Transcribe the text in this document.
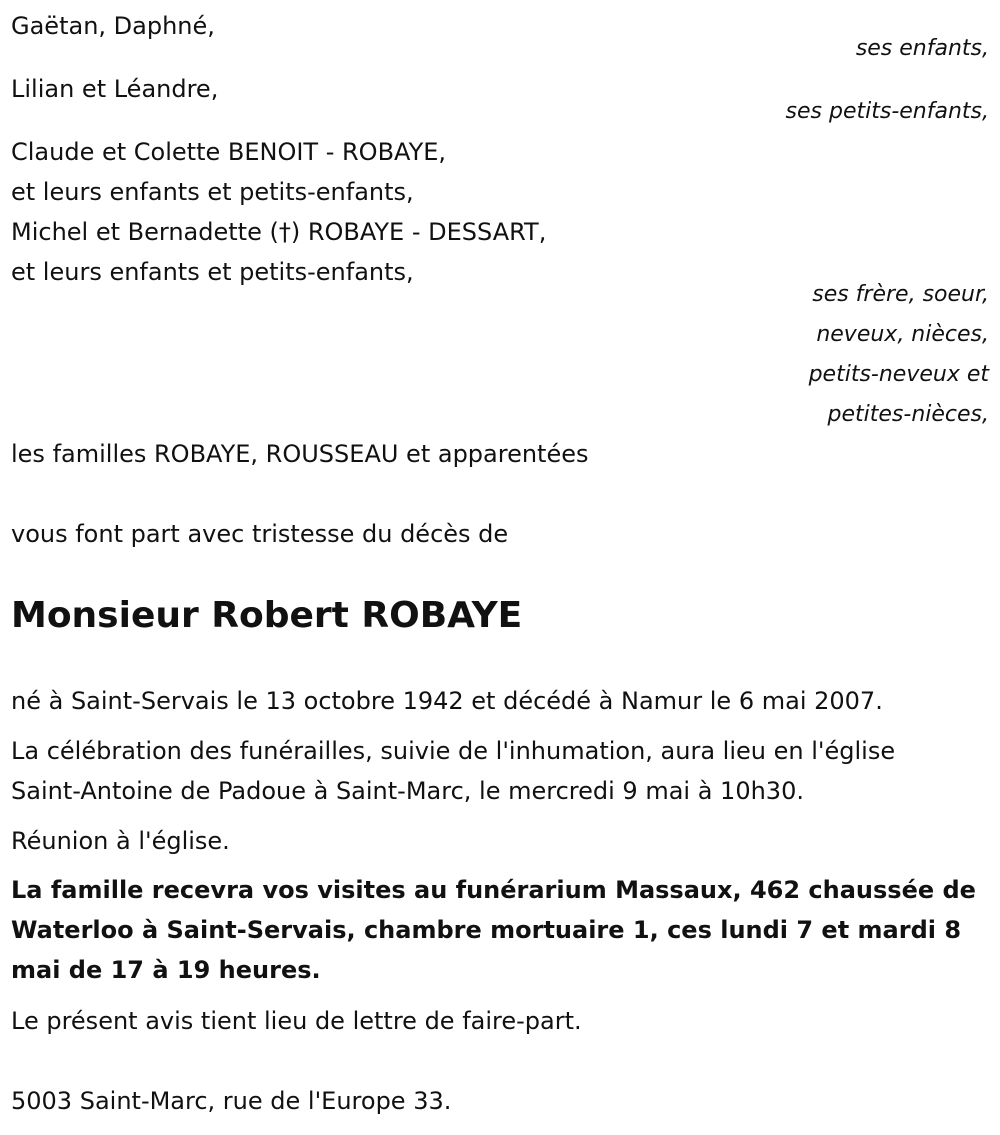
Gaëtan, Daphné,
ses enfants,
Lilian et Léandre,
ses petits-enfants,
Claude et Colette BENOIT - ROBAYE,
et leurs enfants et petits-enfants,
Michel et Bernadette (†) ROBAYE - DESSART,
et leurs enfants et petits-enfants,
ses frère, soeur,
neveux, nièces,
petits-neveux et
petites-nièces,
les familles ROBAYE, ROUSSEAU et apparentées
vous font part avec tristesse du décès de
Monsieur Robert ROBAYE
né à Saint-Servais le 13 octobre 1942 et décédé à Namur le 6 mai 2007.
La célébration des funérailles, suivie de l'inhumation, aura lieu en l'église
Saint-Antoine de Padoue à Saint-Marc, le mercredi 9 mai à 10h30.
Réunion à l'église.
La famille recevra vos visites au funérarium Massaux, 462 chaussée de
Waterloo à Saint-Servais, chambre mortuaire 1, ces lundi 7 et mardi 8
mai de 17 à 19 heures.
Le présent avis tient lieu de lettre de faire-part.
5003 Saint-Marc, rue de l'Europe 33.
